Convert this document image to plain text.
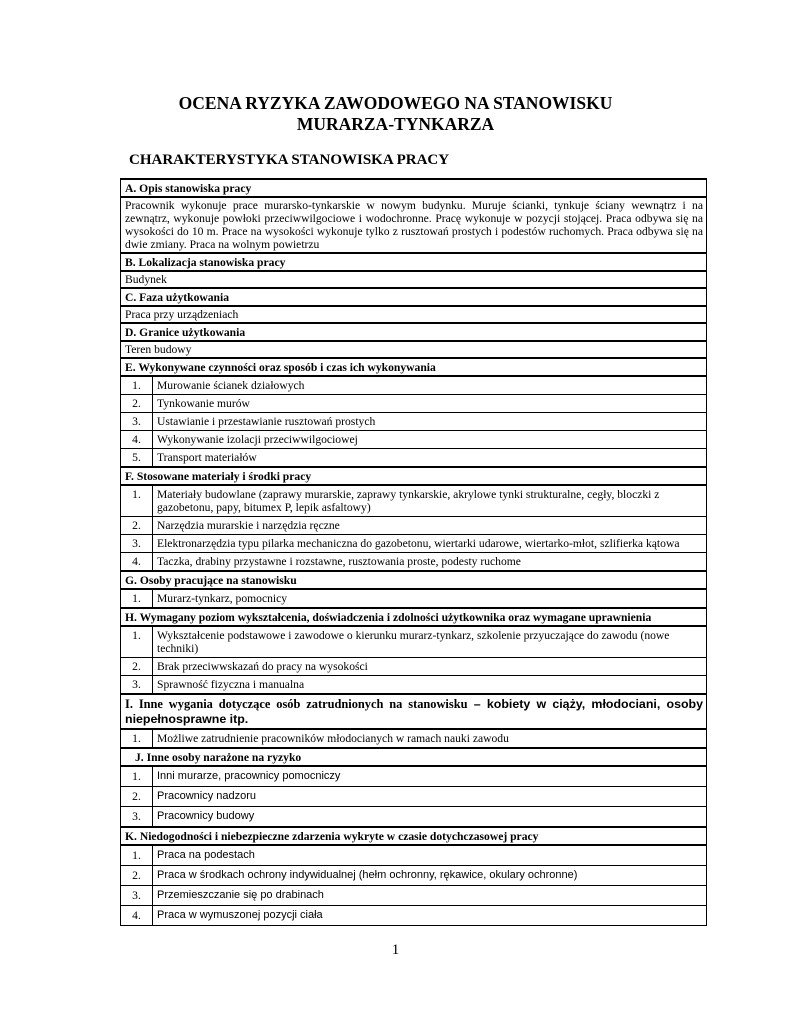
OCENA RYZYKA ZAWODOWEGO NA STANOWISKU
MURARZA-TYNKARZA
CHARAKTERYSTYKA STANOWISKA PRACY
A. Opis stanowiska pracy	
Pracownik wykonuje prace murarsko-tynkarskie w nowym budynku. Muruje ścianki, tynkuje ściany wewnątrz i na zewnątrz, wykonuje powłoki przeciwwilgociowe i wodochronne. Pracę wykonuje w pozycji stojącej. Praca odbywa się na wysokości do 10 m. Prace na wysokości wykonuje tylko z rusztowań prostych i podestów ruchomych. Praca odbywa się na dwie zmiany. Praca na wolnym powietrzu	
B. Lokalizacja stanowiska pracy	
Budynek	
C. Faza użytkowania	
Praca przy urządzeniach	
D. Granice użytkowania	
Teren budowy	
E. Wykonywane czynności oraz sposób i czas ich wykonywania	
1.	Murowanie ścianek działowych
2.	Tynkowanie murów
3.	Ustawianie i przestawianie rusztowań prostych
4.	Wykonywanie izolacji przeciwwilgociowej
5.	Transport materiałów
F. Stosowane materiały i środki pracy	
1.	Materiały budowlane (zaprawy murarskie, zaprawy tynkarskie, akrylowe tynki strukturalne, cegły, bloczki z gazobetonu, papy, bitumex P, lepik asfaltowy)
2.	Narzędzia murarskie i narzędzia ręczne
3.	Elektronarzędzia typu pilarka mechaniczna do gazobetonu, wiertarki udarowe, wiertarko-młot, szlifierka kątowa
4.	Taczka, drabiny przystawne i rozstawne, rusztowania proste, podesty ruchome
G. Osoby pracujące na stanowisku	
1.	Murarz-tynkarz, pomocnicy

H. Wymagany poziom wykształcenia, doświadczenia i zdolności użytkownika oraz wymagane uprawnienia	

1.	Wykształcenie podstawowe i zawodowe o kierunku murarz-tynkarz, szkolenie przyuczające do zawodu (nowe techniki)
2.	Brak przeciwwskazań do pracy na wysokości
3.	Sprawność fizyczna i manualna
I. Inne wygania dotyczące osób zatrudnionych na stanowisku – kobiety w ciąży, młodociani, osoby niepełnosprawne itp.	
1.	Możliwe zatrudnienie pracowników młodocianych w ramach nauki zawodu
J. Inne osoby narażone na ryzyko	
1.	Inni murarze, pracownicy pomocniczy
2.	Pracownicy nadzoru
3.	Pracownicy budowy
K. Niedogodności i niebezpieczne zdarzenia wykryte w czasie dotychczasowej pracy	
1.	Praca na podestach
2.	Praca w środkach ochrony indywidualnej (hełm ochronny, rękawice, okulary ochronne)
3.	Przemieszczanie się po drabinach
4.	Praca w wymuszonej pozycji ciała
1
